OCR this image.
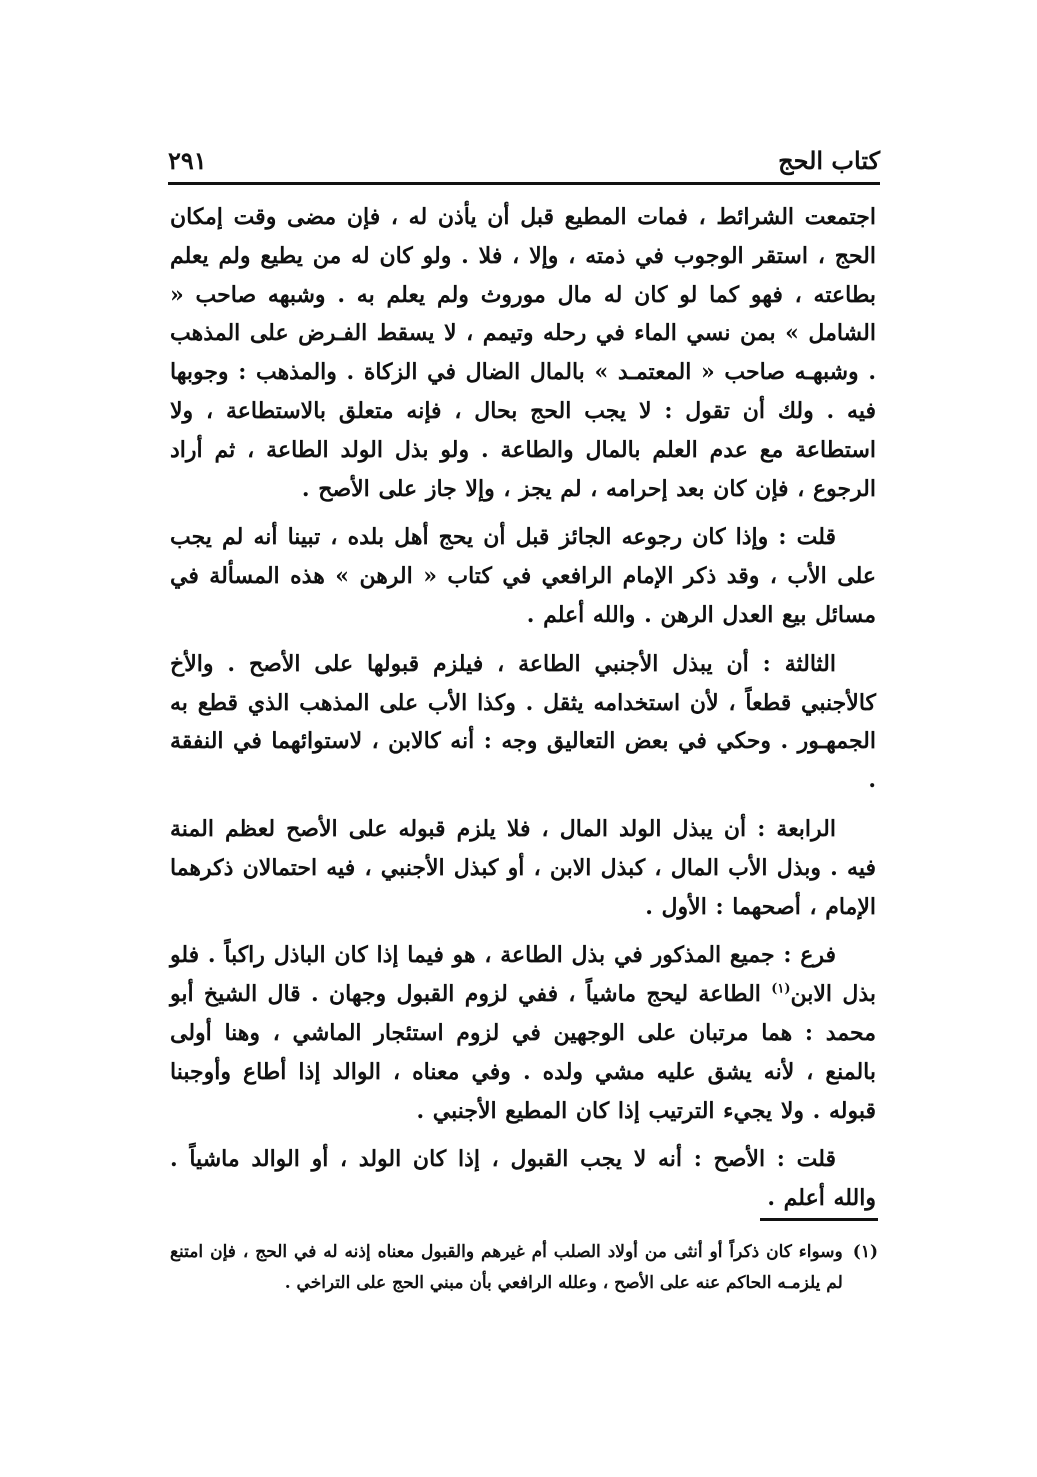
كتاب الحج
٢٩١

اجتمعت الشرائط ، فمات المطيع قبل أن يأذن له ، فإن مضى وقت إمكان الحج ، استقر الوجوب في ذمته ، وإلا ، فلا . ولو كان له من يطيع ولم يعلم بطاعته ، فهو كما لو كان له مال موروث ولم يعلم به . وشبهه صاحب « الشامل » بمن نسي الماء في رحله وتيمم ، لا يسقط الفـرض على المذهب . وشبهـه صاحب « المعتمـد » بالمال الضال في الزكاة . والمذهب : وجوبها فيه . ولك أن تقول : لا يجب الحج بحال ، فإنه متعلق بالاستطاعة ، ولا استطاعة مع عدم العلم بالمال والطاعة . ولو بذل الولد الطاعة ، ثم أراد الرجوع ، فإن كان بعد إحرامه ، لم يجز ، وإلا جاز على الأصح .

قلت : وإذا كان رجوعه الجائز قبل أن يحج أهل بلده ، تبينا أنه لم يجب على الأب ، وقد ذكر الإمام الرافعي في كتاب « الرهن » هذه المسألة في مسائل بيع العدل الرهن . والله أعلم .

الثالثة : أن يبذل الأجنبي الطاعة ، فيلزم قبولها على الأصح . والأخ كالأجنبي قطعاً ، لأن استخدامه يثقل . وكذا الأب على المذهب الذي قطع به الجمهـور . وحكي في بعض التعاليق وجه : أنه كالابن ، لاستوائهما في النفقة .

الرابعة : أن يبذل الولد المال ، فلا يلزم قبوله على الأصح لعظم المنة فيه . وبذل الأب المال ، كبذل الابن ، أو كبذل الأجنبي ، فيه احتمالان ذكرهما الإمام ، أصحهما : الأول .

فرع : جميع المذكور في بذل الطاعة ، هو فيما إذا كان الباذل راكباً . فلو بذل الابن$^{(١)}$ الطاعة ليحج ماشياً ، ففي لزوم القبول وجهان . قال الشيخ أبو محمد : هما مرتبان على الوجهين في لزوم استئجار الماشي ، وهنا أولى بالمنع ، لأنه يشق عليه مشي ولده . وفي معناه ، الوالد إذا أطاع وأوجبنا قبوله . ولا يجيء الترتيب إذا كان المطيع الأجنبي .

قلت : الأصح : أنه لا يجب القبول ، إذا كان الولد ، أو الوالد ماشياً . والله أعلم .

(١)
وسواء كان ذكراً أو أنثى من أولاد الصلب أم غيرهم والقبول معناه إذنه له في الحج ، فإن امتنع لم يلزمـه الحاكم عنه على الأصح ، وعلله الرافعي بأن مبني الحج على التراخي .
